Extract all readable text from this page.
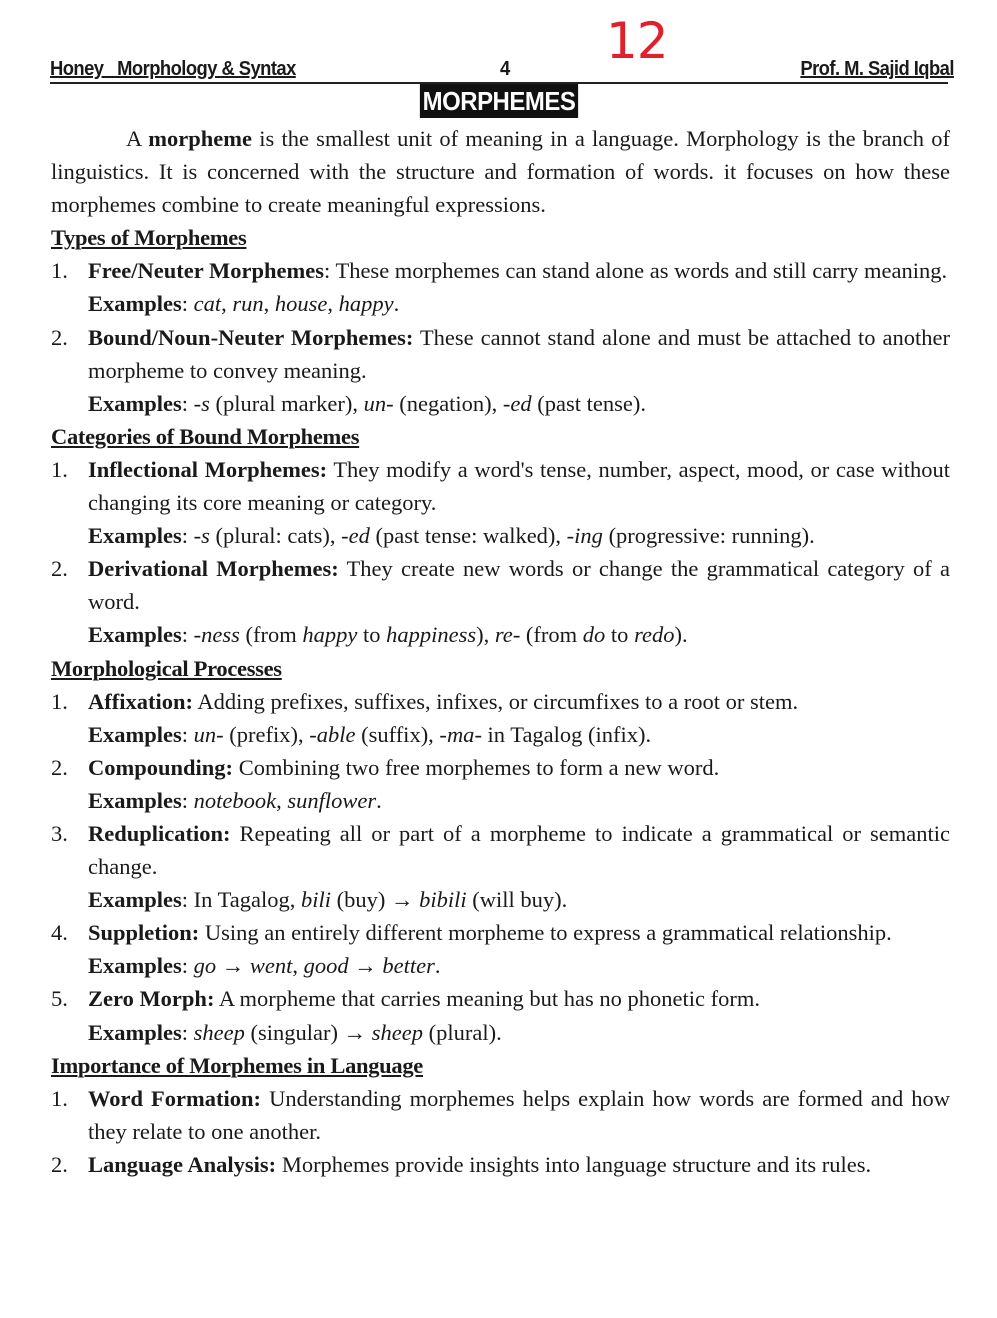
Honey   Morphology & Syntax	4	Prof. M. Sajid Iqbal
12
MORPHEMES

A morpheme is the smallest unit of meaning in a language. Morphology is the branch of linguistics. It is concerned with the structure and formation of words. it focuses on how these morphemes combine to create meaningful expressions.

Types of Morphemes

1. Free/Neuter Morphemes: These morphemes can stand alone as words and still carry meaning.
Examples: cat, run, house, happy.
2. Bound/Noun-Neuter Morphemes: These cannot stand alone and must be attached to another morpheme to convey meaning.
Examples: -s (plural marker), un- (negation), -ed (past tense).

Categories of Bound Morphemes

1. Inflectional Morphemes: They modify a word's tense, number, aspect, mood, or case without changing its core meaning or category.
Examples: -s (plural: cats), -ed (past tense: walked), -ing (progressive: running).
2. Derivational Morphemes: They create new words or change the grammatical category of a word.
Examples: -ness (from happy to happiness), re- (from do to redo).

Morphological Processes

1. Affixation: Adding prefixes, suffixes, infixes, or circumfixes to a root or stem.
Examples: un- (prefix), -able (suffix), -ma- in Tagalog (infix).
2. Compounding: Combining two free morphemes to form a new word.
Examples: notebook, sunflower.
3. Reduplication: Repeating all or part of a morpheme to indicate a grammatical or semantic change.
Examples: In Tagalog, bili (buy) → bibili (will buy).
4. Suppletion: Using an entirely different morpheme to express a grammatical relationship.
Examples: go → went, good → better.
5. Zero Morph: A morpheme that carries meaning but has no phonetic form.
Examples: sheep (singular) → sheep (plural).

Importance of Morphemes in Language

1. Word Formation: Understanding morphemes helps explain how words are formed and how they relate to one another.
2. Language Analysis: Morphemes provide insights into language structure and its rules.
